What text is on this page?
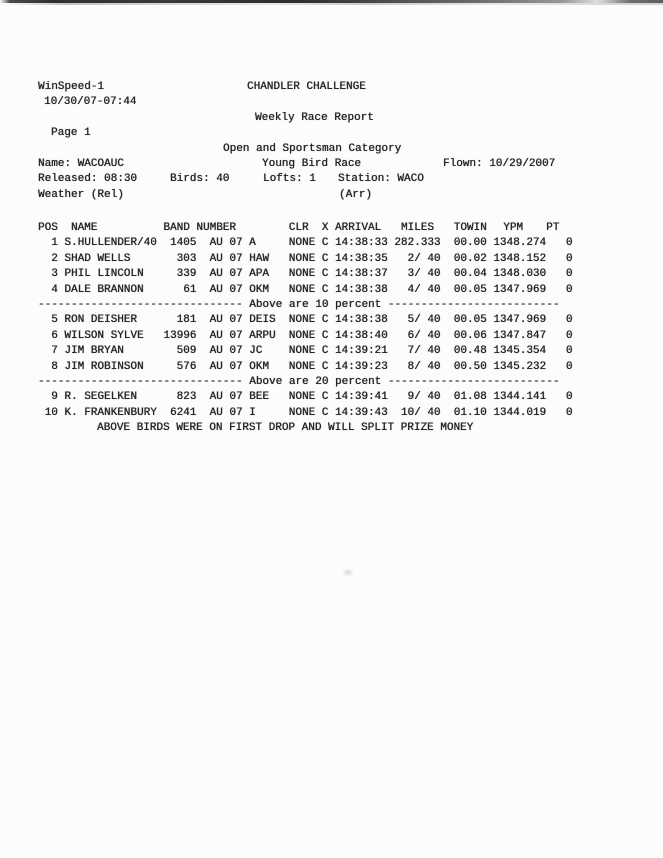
WinSpeed-1	CHANDLER CHALLENGE
10/30/07-07:44
Weekly Race Report
Page 1
Open and Sportsman Category
Name: WACOAUC	Young Bird Race	Flown: 10/29/2007
Released: 08:30	Birds: 40	Lofts: 1 Station: WACO
Weather (Rel)	(Arr)
POS	NAME	BAND NUMBER	CLR	X ARRIVAL	MILES	TOWIN	YPM	PT
1 S.HULLENDER/40	1405 AU 07 A	NONE C 14:38:33 282.333 00.00 1348.274	0
2 SHAD WELLS	303 AU 07 HAW	NONE C 14:38:35	2/ 40 00.02 1348.152	0
3 PHIL LINCOLN	339 AU 07 APA	NONE C 14:38:37	3/ 40 00.04 1348.030	0
4 DALE BRANNON	61 AU 07 OKM	NONE C 14:38:38	4/ 40 00.05 1347.969	0
------------------------------- Above are 10 percent --------------------------
5 RON DEISHER	181 AU 07 DEIS NONE C 14:38:38	5/ 40 00.05 1347.969	0
6 WILSON SYLVE	13996 AU 07 ARPU NONE C 14:38:40	6/ 40 00.06 1347.847	0
7 JIM BRYAN	509 AU 07 JC	NONE C 14:39:21	7/ 40 00.48 1345.354	0
8 JIM ROBINSON	576 AU 07 OKM	NONE C 14:39:23	8/ 40 00.50 1345.232	0
------------------------------- Above are 20 percent --------------------------
9 R. SEGELKEN	823 AU 07 BEE	NONE C 14:39:41	9/ 40 01.08 1344.141	0
10 K. FRANKENBURY	6241 AU 07 I	NONE C 14:39:43	10/ 40 01.10 1344.019	0
ABOVE BIRDS WERE ON FIRST DROP AND WILL SPLIT PRIZE MONEY
